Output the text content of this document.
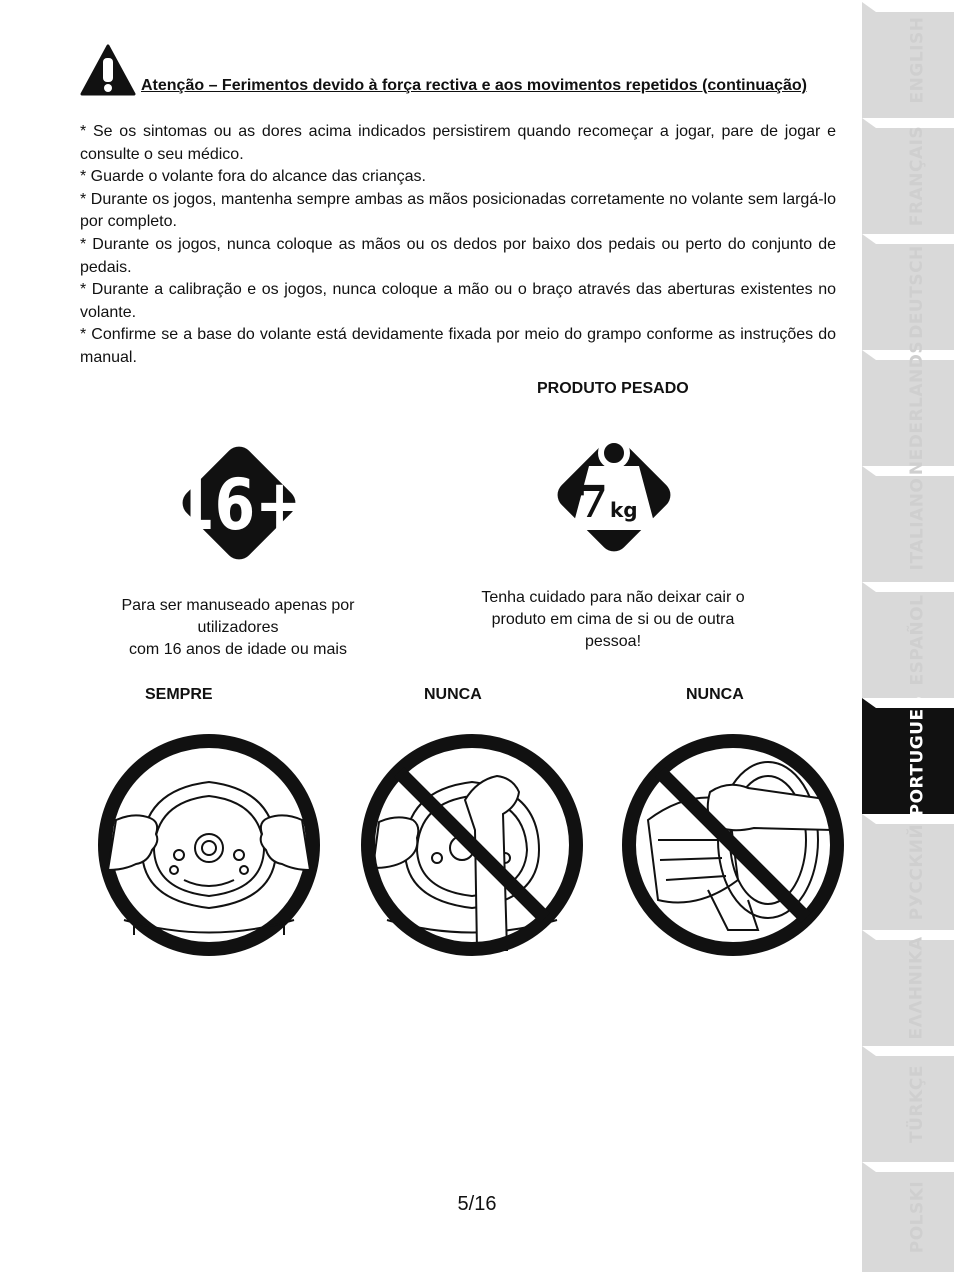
Atenção – Ferimentos devido à força rectiva e aos movimentos repetidos (continuação)

* Se os sintomas ou as dores acima indicados persistirem quando recomeçar a jogar, pare de jogar e consulte o seu médico.

* Guarde o volante fora do alcance das crianças.

* Durante os jogos, mantenha sempre ambas as mãos posicionadas corretamente no volante sem largá-lo por completo.

* Durante os jogos, nunca coloque as mãos ou os dedos por baixo dos pedais ou perto do conjunto de pedais.

* Durante a calibração e os jogos, nunca coloque a mão ou o braço através das aberturas existentes no volante.

* Confirme se a base do volante está devidamente fixada por meio do grampo conforme as instruções do manual.

PRODUTO PESADO
16+	7 kg
Para ser manuseado apenas por
utilizadores
com 16 anos de idade ou mais
Tenha cuidado para não deixar cair o
produto em cima de si ou de outra
pessoa!
SEMPRE	NUNCA	NUNCA
5/16
ENGLISH
FRANÇAIS
DEUTSCH
NEDERLANDS
ITALIANO
ESPAÑOL
PORTUGUES
РУССКИЙ
ΕΛΛΗΝΙΚΑ
TÜRKÇE
POLSKI
